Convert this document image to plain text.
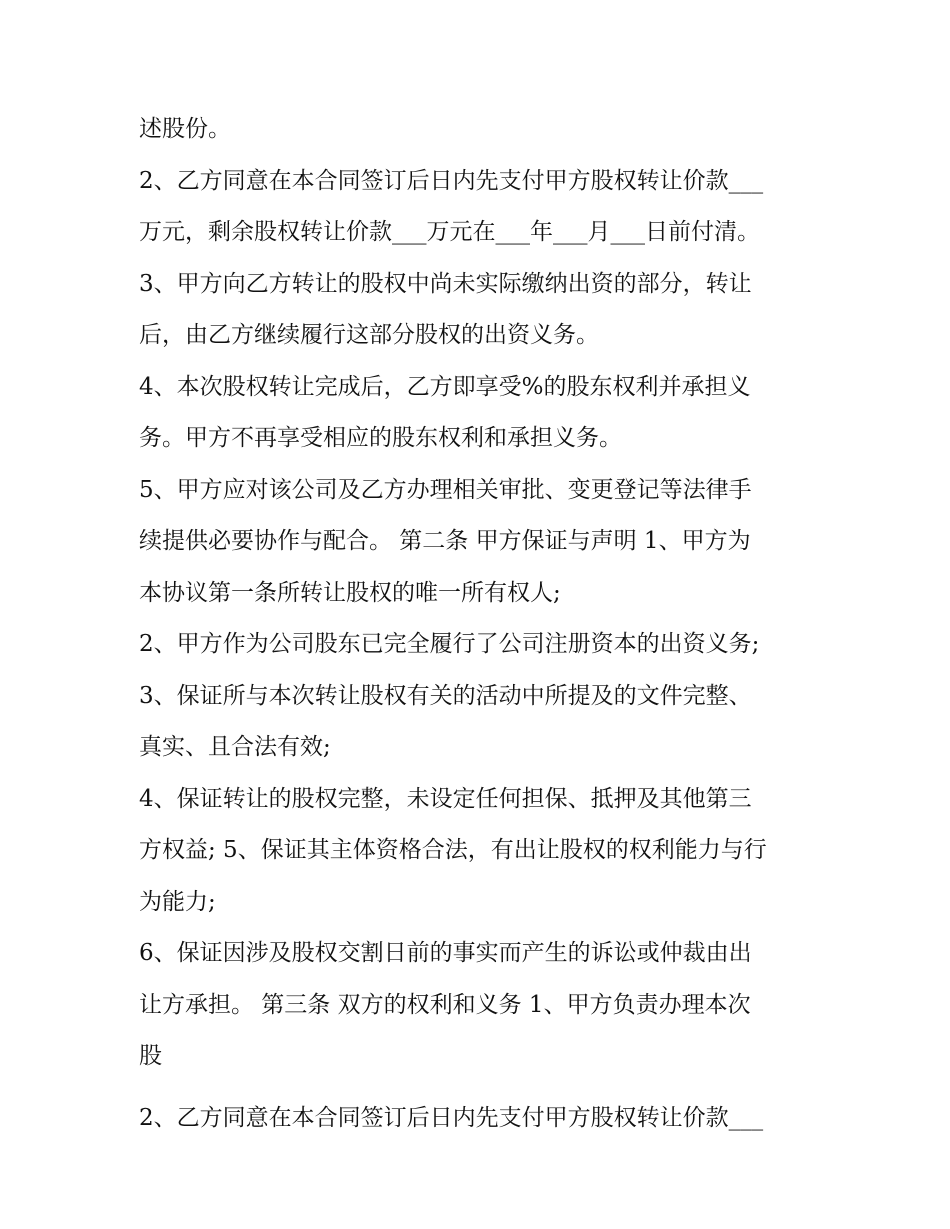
述股份。
2、乙方同意在本合同签订后日内先支付甲方股权转让价款___
万元，剩余股权转让价款___万元在___年___月___日前付清。
3、甲方向乙方转让的股权中尚未实际缴纳出资的部分，转让
后，由乙方继续履行这部分股权的出资义务。
4、本次股权转让完成后，乙方即享受%的股东权利并承担义
务。甲方不再享受相应的股东权利和承担义务。
5、甲方应对该公司及乙方办理相关审批、变更登记等法律手
续提供必要协作与配合。 第二条 甲方保证与声明 1、甲方为
本协议第一条所转让股权的唯一所有权人;
2、甲方作为公司股东已完全履行了公司注册资本的出资义务;
3、保证所与本次转让股权有关的活动中所提及的文件完整、
真实、且合法有效;
4、保证转让的股权完整，未设定任何担保、抵押及其他第三
方权益; 5、保证其主体资格合法，有出让股权的权利能力与行
为能力;
6、保证因涉及股权交割日前的事实而产生的诉讼或仲裁由出
让方承担。 第三条 双方的权利和义务 1、甲方负责办理本次
股
2、乙方同意在本合同签订后日内先支付甲方股权转让价款___
